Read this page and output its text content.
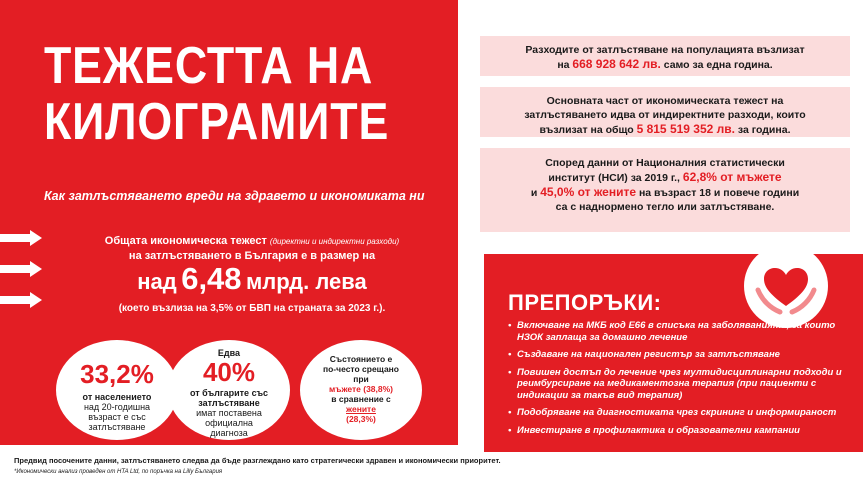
ТЕЖЕСТТА НА
КИЛОГРАМИТЕ
Как затлъстяването вреди на здравето и икономиката ни
Общата икономическа тежест (директни и индиректни разходи)
на затлъстяването в България е в размер на
над 6,48 млрд. лева
(което възлиза на 3,5% от БВП на страната за 2023 г.).
33,2%
от населението
над 20-годишна
възраст е със
затлъстяване
Едва
40%
от българите със
затлъстяване
имат поставена
официална
диагноза
Състоянието е
по-често срещано
при
мъжете (38,8%)
в сравнение с
жените
(28,3%)
Предвид посочените данни, затлъстяването следва да бъде разглеждано като стратегически здравен и икономически приоритет.
*Икономически анализ проведен от HTA Ltd, по поръчка на Lilly България
Разходите от затлъстяване на популацията възлизат
на 668 928 642 лв. само за една година.
Основната част от икономическата тежест на
затлъстяването идва от индиректните разходи, които
възлизат на общо 5 815 519 352 лв. за година.
Според данни от Националния статистически
институт (НСИ) за 2019 г., 62,8% от мъжете
и 45,0% от жените на възраст 18 и повече години
са с наднормено тегло или затлъстяване.
ПРЕПОРЪКИ:
• Включване на МКБ код Е66 в списъка на заболяванията, за които НЗОК заплаща за домашно лечение
• Създаване на национален регистър за затлъстяване
• Повишен достъп до лечение чрез мултидисциплинарни подходи и реимбурсиране на медикаментозна терапия (при пациенти с индикации за такъв вид терапия)
• Подобряване на диагностиката чрез скрининг и информираност
• Инвестиране в профилактика и образователни кампании
